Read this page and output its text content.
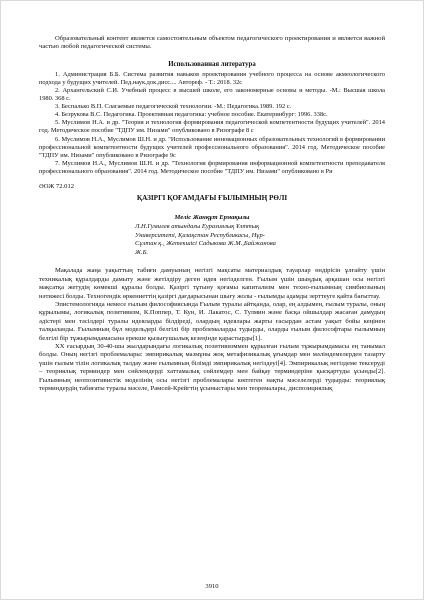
Образовательный контент является самостоятельным объектом педагогического проектирования и является важной частью любой педагогической системы.

Использованная литература

1. Администрация Б.Б. Система развития навыков проектирования учебного процесса на основе акмеологического подхода у будущих учителей. Пед.наук.док.дисс.... Автореф. - Т.: 2018. 32с
2. Архангельский С.И. Учебный процесс в высшей школе, его закономерные основы и методы. -М.: Высшая школа 1980. 368 с.
3. Беспалько В.П. Слагаемые педагогической технологии. -М.: Педагогика.1989. 192 с.
4. Безрукова В.С. Педагогика. Проективная педагогика: учебное пособие. Екатеринбург: 1996. 338с.
5. Муслимов Н.А. и др. "Теория и технология формирования педагогической компетентности будущих учителей". 2014 год. Методическое пособие "ТДПУ им. Низами" опубликовано в Ризографе 8 с
6. Муслимов Н.А., Муслимов Ш.Н. и др. "Использование инновационных образовательных технологий в формировании профессиональной компетентности будущих учителей профессионального образования". 2014 год. Методическое пособие "ТДПУ им. Низами" опубликовано в Ризографе 9с
7. Муслимов Н.А., Муслимов Ш.Н. и др. "Технология формирования информационной компетентности преподавателя профессионального образования". 2014 год. Методическое пособие "ТДПУ им. Низами" опубликовано в Ри

ӘОЖ 72.012

ҚАЗІРГІ ҚОҒАМДАҒЫ ҒЫЛЫМНЫҢ РӨЛІ

Меліс Жанқұт Ермақызы

Л.Н.Гумилев атындағы Еуразиялық Ұлттық Университеті, Қазақстан Республикасы, Нұр-Сұлтан қ., Жетекшісі Садыкова Ж.М.,Байжанова Ж.Б.

Мақалада жаңа уақыттың табиғи дамуының негізгі мақсаты материалдық тауарлар өндірісін ұлғайту үшін техникалық құралдарды дамыту және жетілдіру деген идея негізделген. Ғылым үшін шыңдық арқашан осы негізгі мақсатқа жетудің көмекші құралы болды. Қазіргі тұтыну қоғамы капитализм мен техно-ғылымның симбиозының нәтижесі болды. Техногендік өркениеттің қазіргі дағдарысынан шығу жолы - ғылымды адамды зерттеуге қайта бағыттау.

Эпистемологияда немесе ғылым философиясында Ғылым туралы айтқанда, олар, ең алдымен, ғылым туралы, оның құрылымы, логикалық позитивизм, К.Поппер, Т. Кун, И. Лакатос, С. Тулмин және басқа ойшылдар жасаған дамудың әдістері мен тәсілдері туралы идеяларды білдіреді, олардың идеялары жарты ғасырдан астам уақыт бойы кеңінен талқыланды. Ғылымның бұл модельдері белгілі бір проблемаларды тудырды, оларды ғылым философтары ғылымның белгілі бір тұжырымдамасына ерекше қызығушылық кезеңінде қарастырды[1].

XX ғасырдың 30-40-шы жылдарындағы логикалық позитивизммен құрылған ғылым тұжырымдамасы ең танымал болды. Оның негізгі проблемалары: эмпирикалық мазмұны жоқ метафизикалық ұғымдар мен мәлімдемелерден тазарту үшін ғылым тілін логикалық талдау және ғылымның білімді эмпирикалық негіздеуі[4]. Эмпирикалық негіздеме тексеруді – теориялық терминдер мен сөйлемдерді хаттамалық сөйлемдер мен байқау терминдеріне қысқартуды ұсынды[2]. Ғылымның неопозитивистік моделінің осы негізгі проблемалары көптеген нақты мәселелерді тудырды: теориялық терминдердің табиғаты туралы мәселе, Рамсей-Крейгтің ұсыныстары мен теоремалары, диспозициялық

3910
